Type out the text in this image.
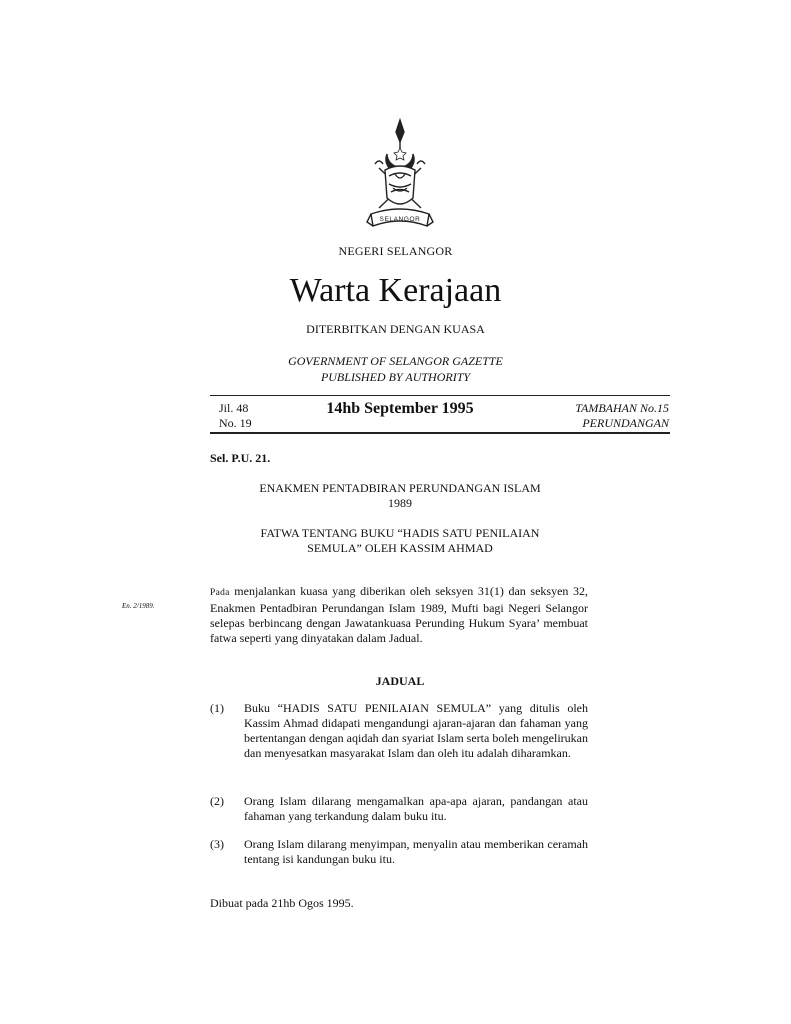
SELANGOR
NEGERI SELANGOR
Warta Kerajaan
DITERBITKAN DENGAN KUASA
GOVERNMENT OF SELANGOR GAZETTE
PUBLISHED BY AUTHORITY
Jil. 48
No. 19
14hb September 1995	TAMBAHAN No.15
PERUNDANGAN
Sel. P.U. 21.
ENAKMEN PENTADBIRAN PERUNDANGAN ISLAM
1989
FATWA TENTANG BUKU “HADIS SATU PENILAIAN
SEMULA” OLEH KASSIM AHMAD
En. 2/1989.
Pada menjalankan kuasa yang diberikan oleh seksyen 31(1) dan seksyen 32, Enakmen Pentadbiran Perundangan Islam 1989, Mufti bagi Negeri Selangor selepas berbincang dengan Jawatankuasa Perunding Hukum Syara’ membuat fatwa seperti yang dinyatakan dalam Jadual.
JADUAL
(1)	Buku “HADIS SATU PENILAIAN SEMULA” yang ditulis oleh Kassim Ahmad didapati mengandungi ajaran-ajaran dan fahaman yang bertentangan dengan aqidah dan syariat Islam serta boleh mengelirukan dan menyesatkan masyarakat Islam dan oleh itu adalah diharamkan.
(2)	Orang Islam dilarang mengamalkan apa-apa ajaran, pandangan atau fahaman yang terkandung dalam buku itu.
(3)	Orang Islam dilarang menyimpan, menyalin atau memberikan ceramah tentang isi kandungan buku itu.
Dibuat pada 21hb Ogos 1995.
